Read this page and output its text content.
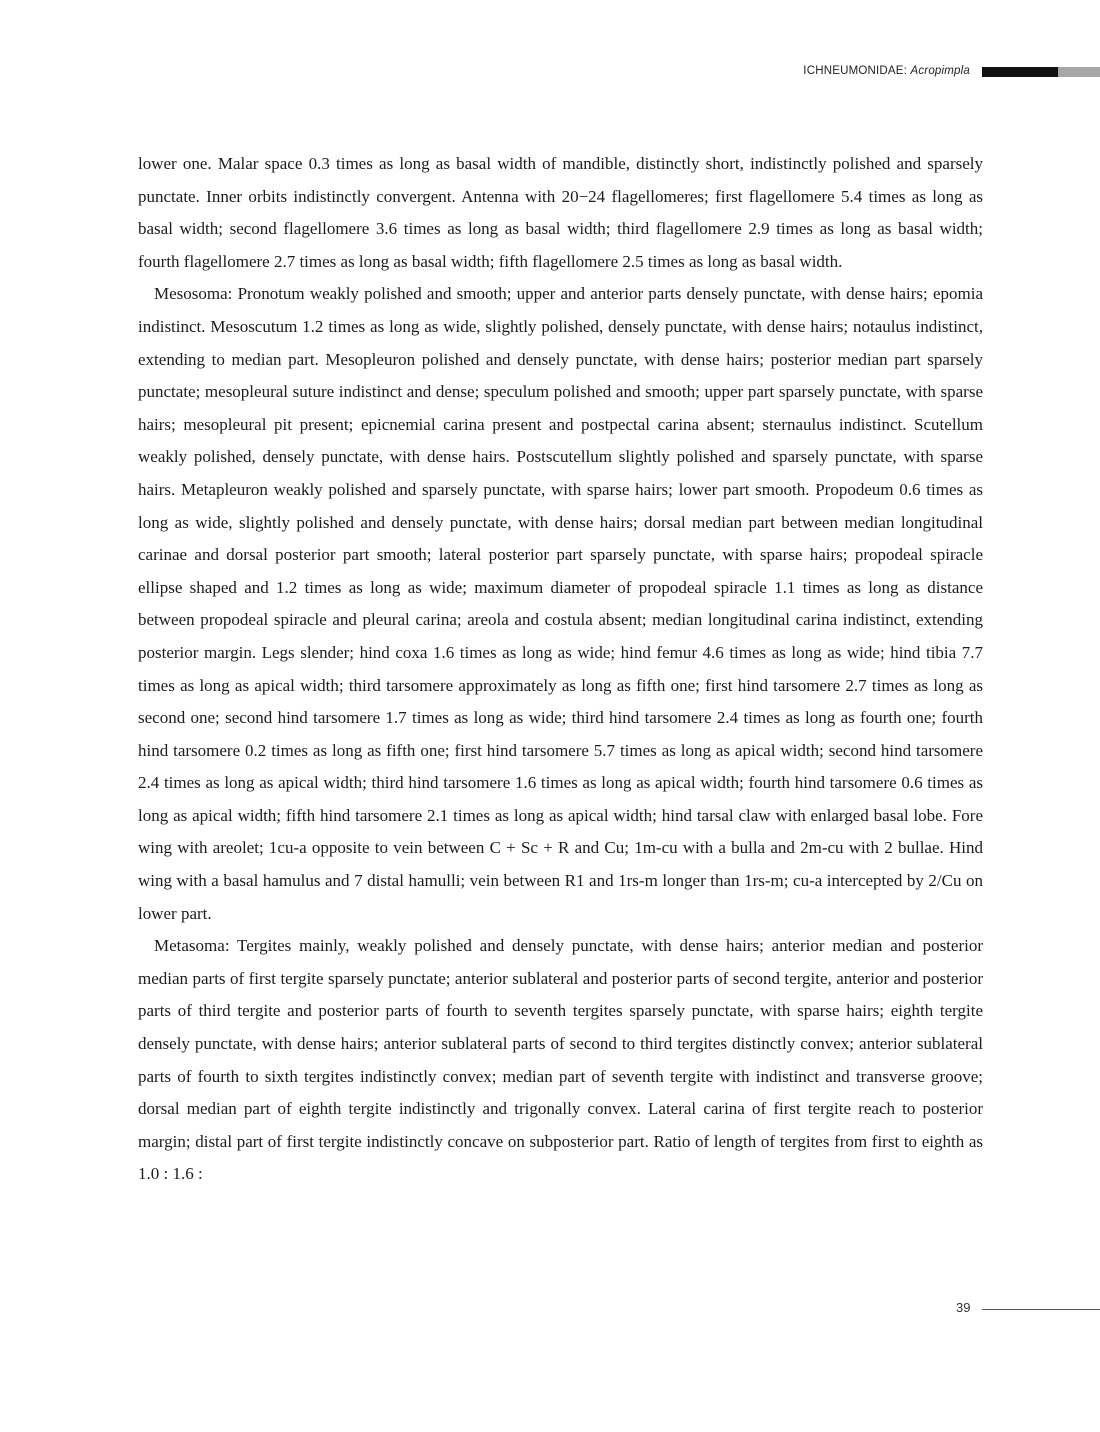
ICHNEUMONIDAE: Acropimpla

lower one. Malar space 0.3 times as long as basal width of mandible, distinctly short, indistinctly polished and sparsely punctate. Inner orbits indistinctly convergent. Antenna with 20−24 flagellomeres; first flagellomere 5.4 times as long as basal width; second flagellomere 3.6 times as long as basal width; third flagellomere 2.9 times as long as basal width; fourth flagellomere 2.7 times as long as basal width; fifth flagellomere 2.5 times as long as basal width.

Mesosoma: Pronotum weakly polished and smooth; upper and anterior parts densely punctate, with dense hairs; epomia indistinct. Mesoscutum 1.2 times as long as wide, slightly polished, densely punctate, with dense hairs; notaulus indistinct, extending to median part. Mesopleuron polished and densely punctate, with dense hairs; posterior median part sparsely punctate; mesopleural suture indistinct and dense; speculum polished and smooth; upper part sparsely punctate, with sparse hairs; mesopleural pit present; epicnemial carina present and postpectal carina absent; sternaulus indistinct. Scutellum weakly polished, densely punctate, with dense hairs. Postscutellum slightly polished and sparsely punctate, with sparse hairs. Metapleuron weakly polished and sparsely punctate, with sparse hairs; lower part smooth. Propodeum 0.6 times as long as wide, slightly polished and densely punctate, with dense hairs; dorsal median part between median longitudinal carinae and dorsal posterior part smooth; lateral posterior part sparsely punctate, with sparse hairs; propodeal spiracle ellipse shaped and 1.2 times as long as wide; maximum diameter of propodeal spiracle 1.1 times as long as distance between propodeal spiracle and pleural carina; areola and costula absent; median longitudinal carina indistinct, extending posterior margin. Legs slender; hind coxa 1.6 times as long as wide; hind femur 4.6 times as long as wide; hind tibia 7.7 times as long as apical width; third tarsomere approximately as long as fifth one; first hind tarsomere 2.7 times as long as second one; second hind tarsomere 1.7 times as long as wide; third hind tarsomere 2.4 times as long as fourth one; fourth hind tarsomere 0.2 times as long as fifth one; first hind tarsomere 5.7 times as long as apical width; second hind tarsomere 2.4 times as long as apical width; third hind tarsomere 1.6 times as long as apical width; fourth hind tarsomere 0.6 times as long as apical width; fifth hind tarsomere 2.1 times as long as apical width; hind tarsal claw with enlarged basal lobe. Fore wing with areolet; 1cu-a opposite to vein between C + Sc + R and Cu; 1m-cu with a bulla and 2m-cu with 2 bullae. Hind wing with a basal hamulus and 7 distal hamulli; vein between R1 and 1rs-m longer than 1rs-m; cu-a intercepted by 2/Cu on lower part.

Metasoma: Tergites mainly, weakly polished and densely punctate, with dense hairs; anterior median and posterior median parts of first tergite sparsely punctate; anterior sublateral and posterior parts of second tergite, anterior and posterior parts of third tergite and posterior parts of fourth to seventh tergites sparsely punctate, with sparse hairs; eighth tergite densely punctate, with dense hairs; anterior sublateral parts of second to third tergites distinctly convex; anterior sublateral parts of fourth to sixth tergites indistinctly convex; median part of seventh tergite with indistinct and transverse groove; dorsal median part of eighth tergite indistinctly and trigonally convex. Lateral carina of first tergite reach to posterior margin; distal part of first tergite indistinctly concave on subposterior part. Ratio of length of tergites from first to eighth as 1.0 : 1.6 :

39
